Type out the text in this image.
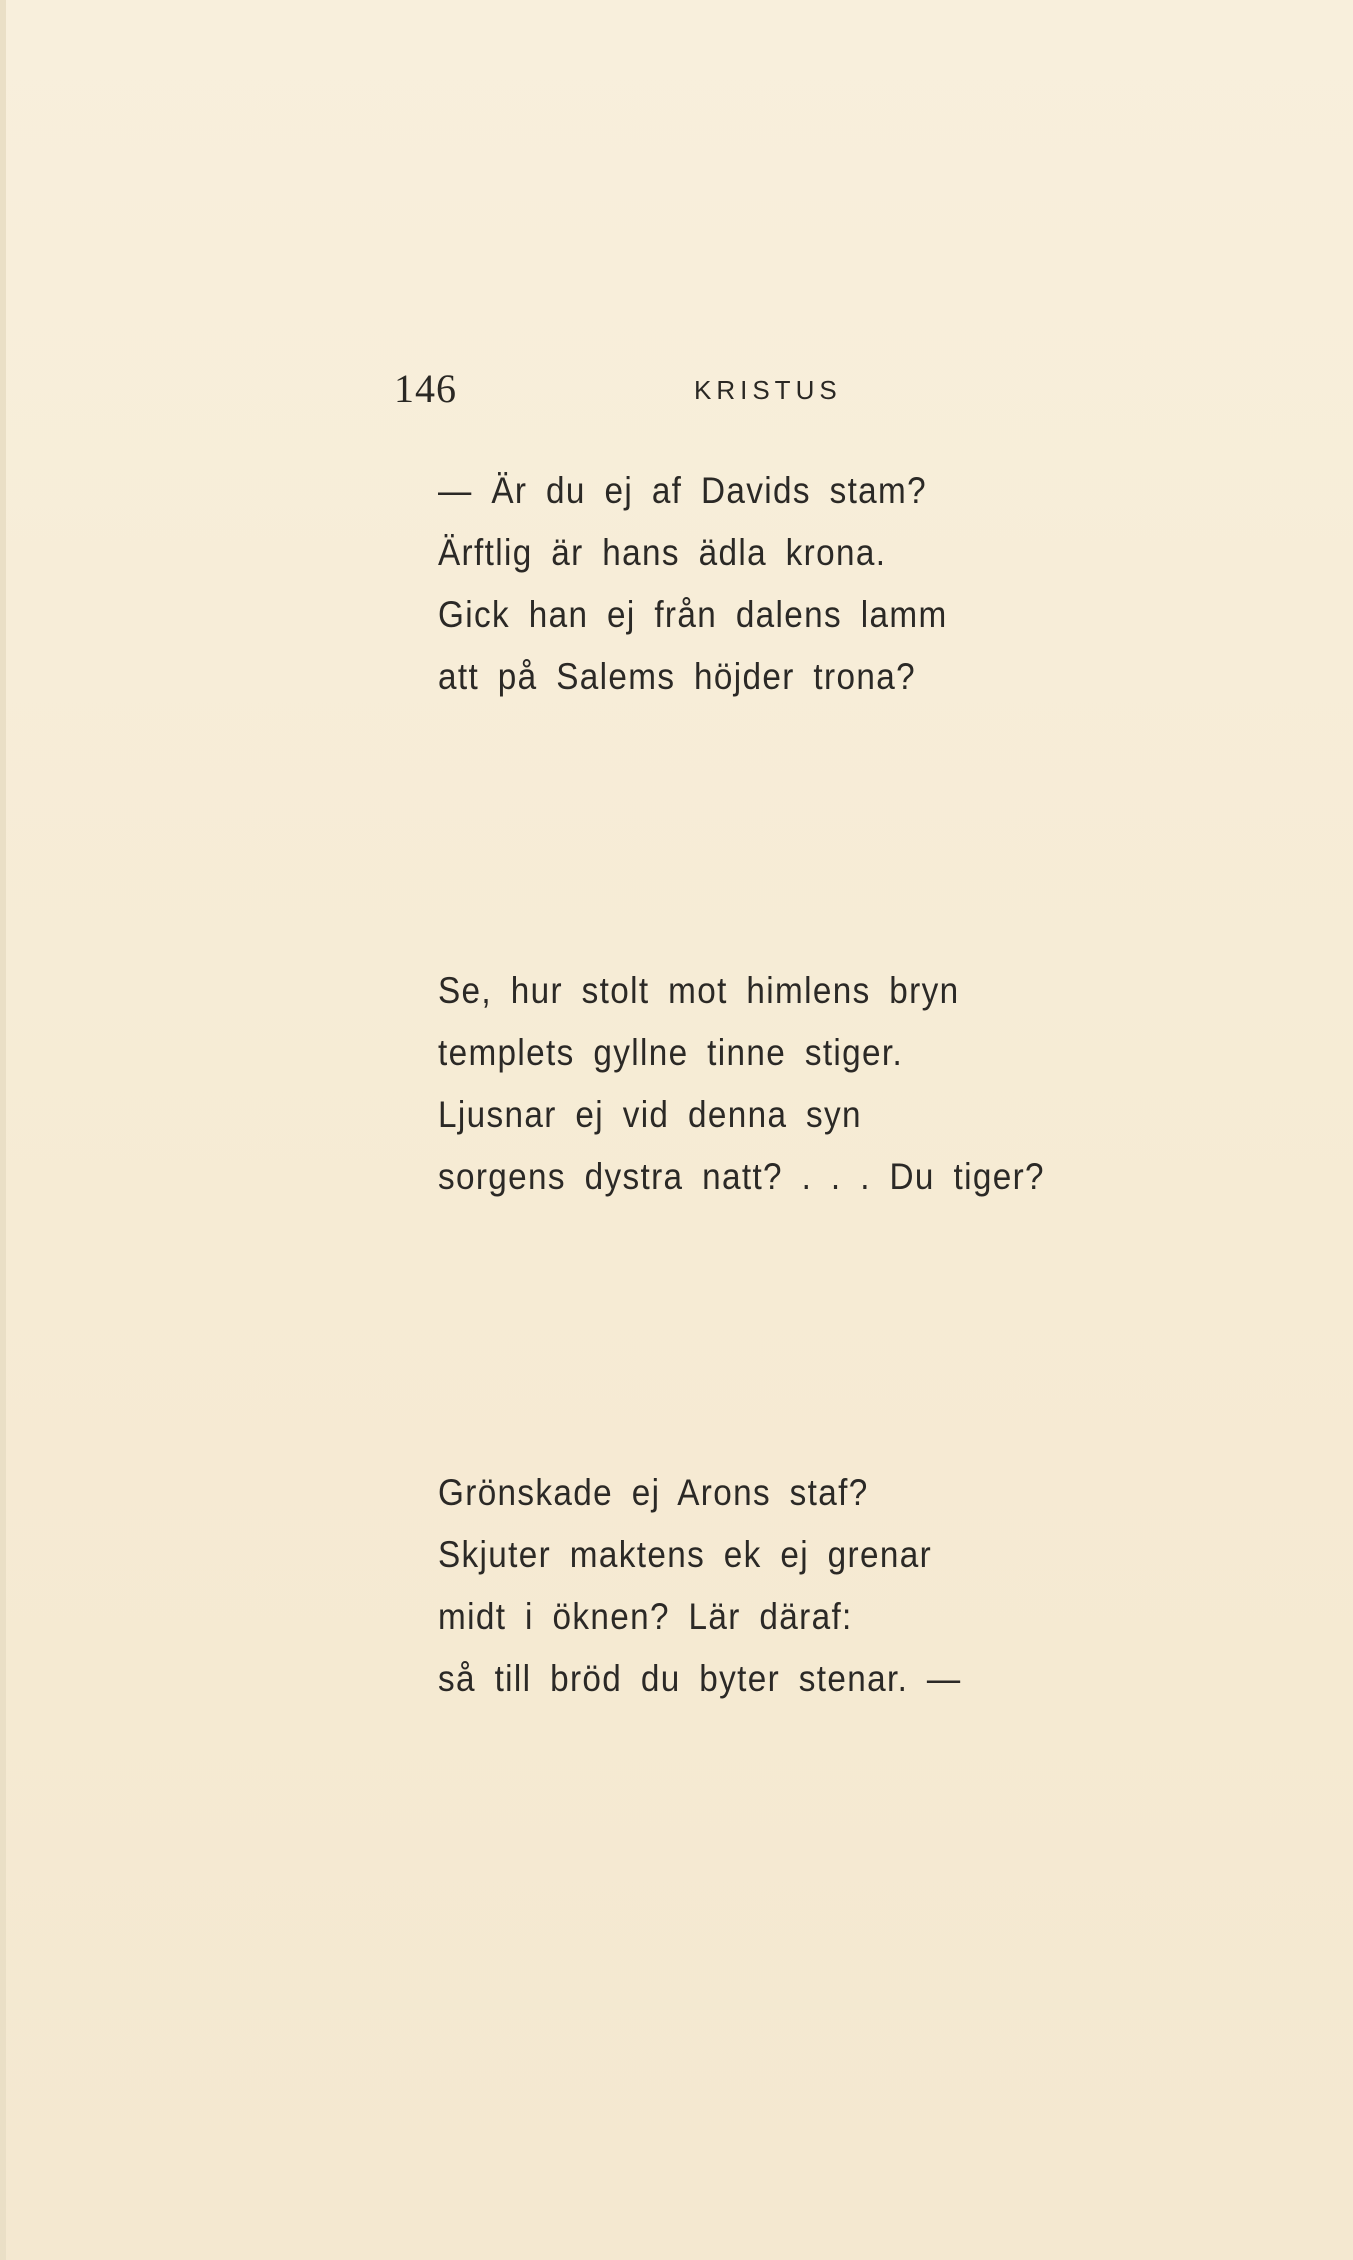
146	KRISTUS
— Är du ej af Davids stam?
Ärftlig är hans ädla krona.
Gick han ej från dalens lamm
att på Salems höjder trona?
Se, hur stolt mot himlens bryn
templets gyllne tinne stiger.
Ljusnar ej vid denna syn
sorgens dystra natt? . . . Du tiger?
Grönskade ej Arons staf?
Skjuter maktens ek ej grenar
midt i öknen? Lär däraf:
så till bröd du byter stenar. —
